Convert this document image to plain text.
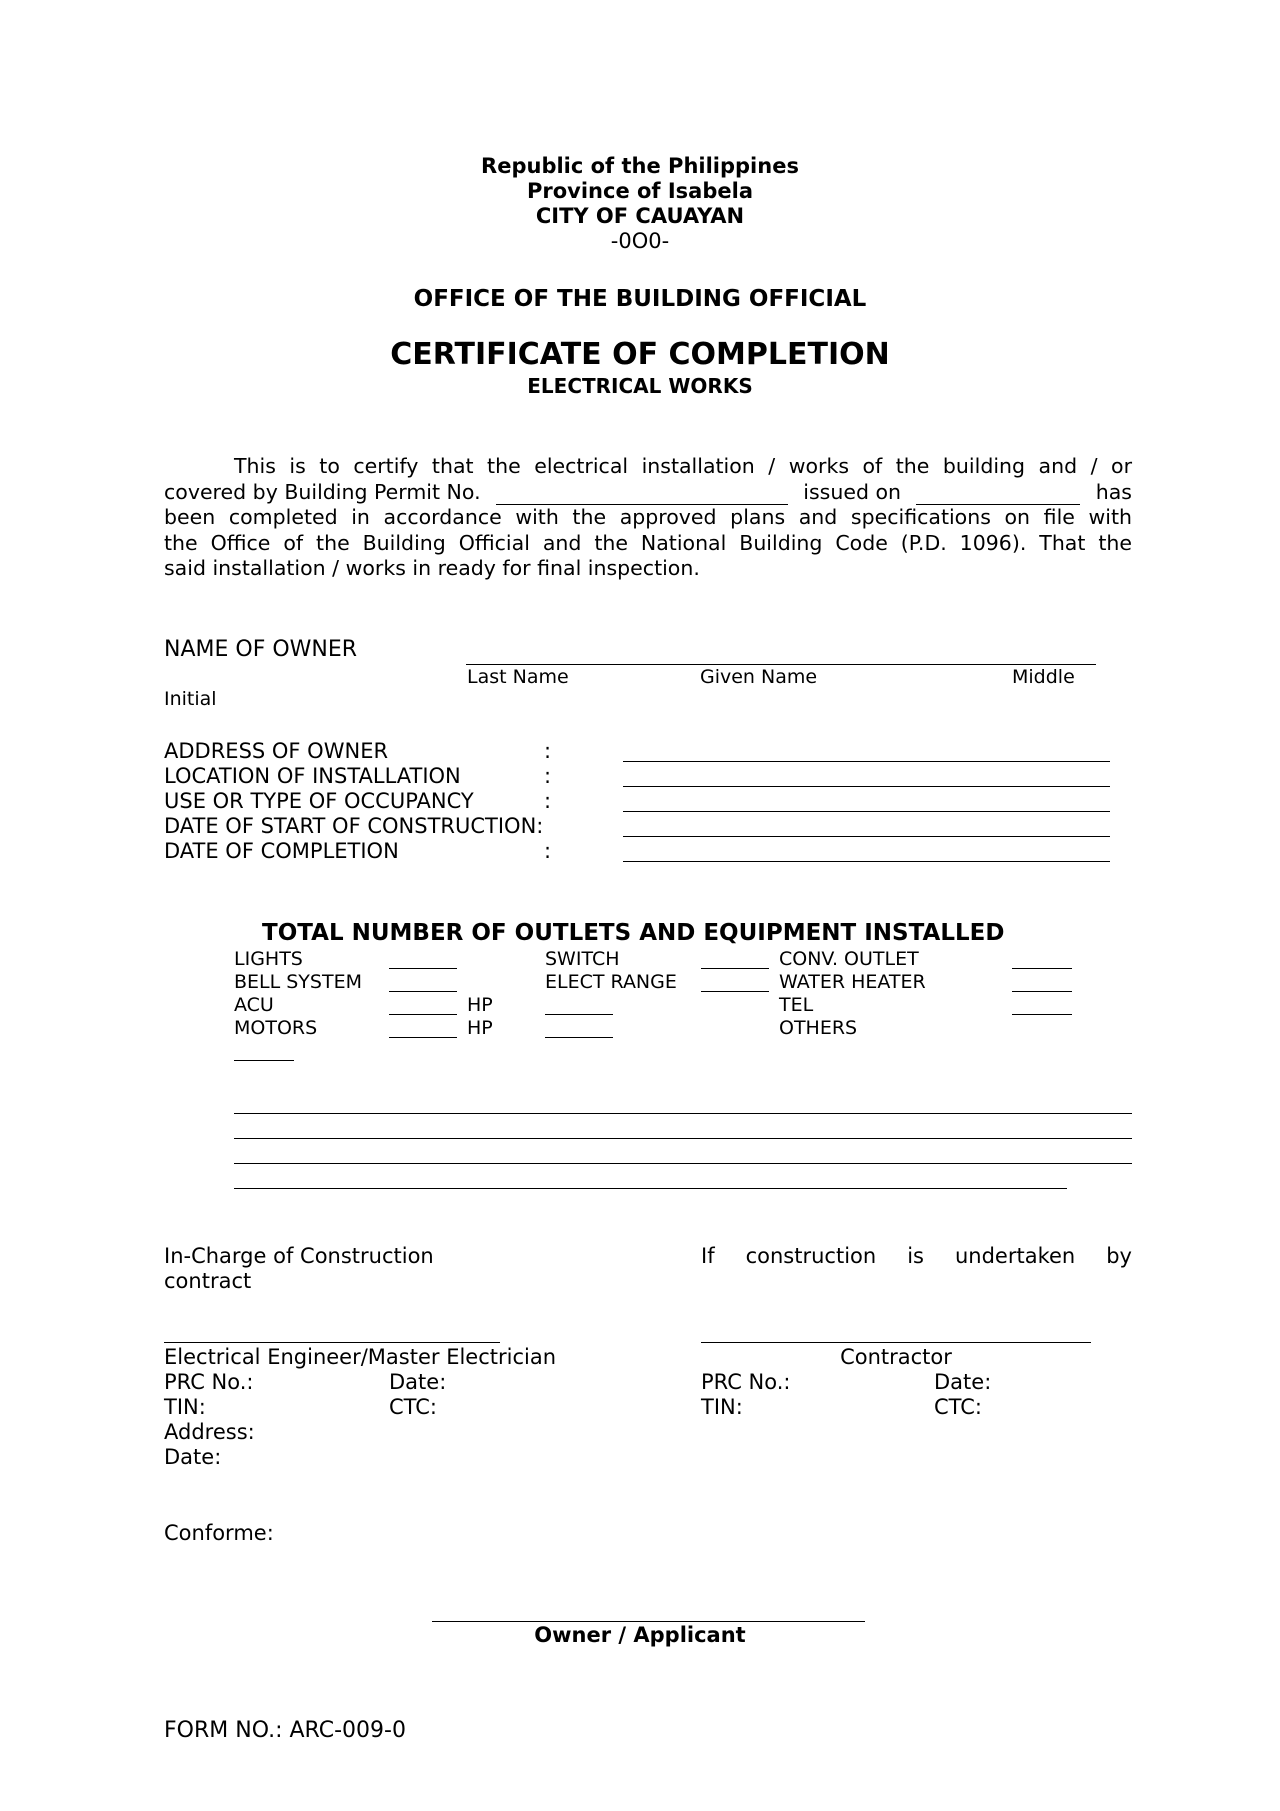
Republic of the Philippines
Province of Isabela
CITY OF CAUAYAN
-0O0-
OFFICE OF THE BUILDING OFFICIAL
CERTIFICATE OF COMPLETION
ELECTRICAL WORKS
This is to certify that the electrical installation / works of the building and / or
covered by Building Permit No.	issued on	has
been completed in accordance with the approved plans and specifications on file with
the Office of the Building Official and the National Building Code (P.D. 1096). That the
said installation / works in ready for final inspection.
NAME OF OWNER
Last Name	Given Name	Middle
Initial
ADDRESS OF OWNER	:
LOCATION OF INSTALLATION	:
USE OR TYPE OF OCCUPANCY	:
DATE OF START OF CONSTRUCTION:
DATE OF COMPLETION	:
TOTAL NUMBER OF OUTLETS AND EQUIPMENT INSTALLED
LIGHTS	SWITCH	CONV. OUTLET
BELL SYSTEM	ELECT RANGE	WATER HEATER
ACU	HP	TEL
MOTORS	HP	OTHERS
In-Charge of Construction
contract
If construction is undertaken by
Electrical Engineer/Master Electrician	Contractor
PRC No.:	Date:	PRC No.:	Date:
TIN:	CTC:	TIN:	CTC:
Address:
Date:
Conforme:
Owner / Applicant
FORM NO.: ARC-009-0
